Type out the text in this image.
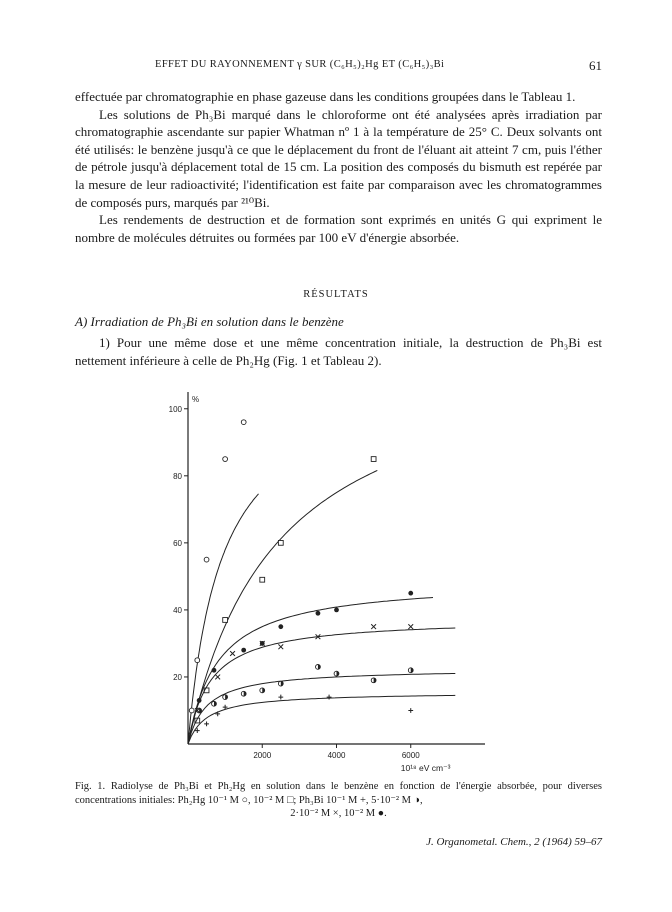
EFFET DU RAYONNEMENT γ SUR (C₆H₅)₂Hg ET (C₆H₅)₃Bi	61

effectuée par chromatographie en phase gazeuse dans les conditions groupées dans le Tableau 1.

Les solutions de Ph₃Bi marqué dans le chloroforme ont été analysées après irradiation par chromatographie ascendante sur papier Whatman nº 1 à la température de 25° C. Deux solvants ont été utilisés: le benzène jusqu'à ce que le déplacement du front de l'éluant ait atteint 7 cm, puis l'éther de pétrole jusqu'à déplacement total de 15 cm. La position des composés du bismuth est repérée par la mesure de leur radioactivité; l'identification est faite par comparaison avec les chromatogrammes de composés purs, marqués par ²¹⁰Bi.

Les rendements de destruction et de formation sont exprimés en unités G qui expriment le nombre de molécules détruites ou formées par 100 eV d'énergie absorbée.

RÉSULTATS
A) Irradiation de Ph₃Bi en solution dans le benzène

1) Pour une même dose et une même concentration initiale, la destruction de Ph₃Bi est nettement inférieure à celle de Ph₂Hg (Fig. 1 et Tableau 2).

20
40
60
80
100
2000	4000	6000
%
10¹⁸ eV cm⁻³
Fig. 1. Radiolyse de Ph₃Bi et Ph₂Hg en solution dans le benzène en fonction de l'énergie absorbée, pour diverses concentrations initiales: Ph₂Hg 10⁻¹ M ○, 10⁻² M □; Ph₃Bi 10⁻¹ M +, 5·10⁻² M ◑,
2·10⁻² M ×, 10⁻² M ●.
J. Organometal. Chem., 2 (1964) 59–67
